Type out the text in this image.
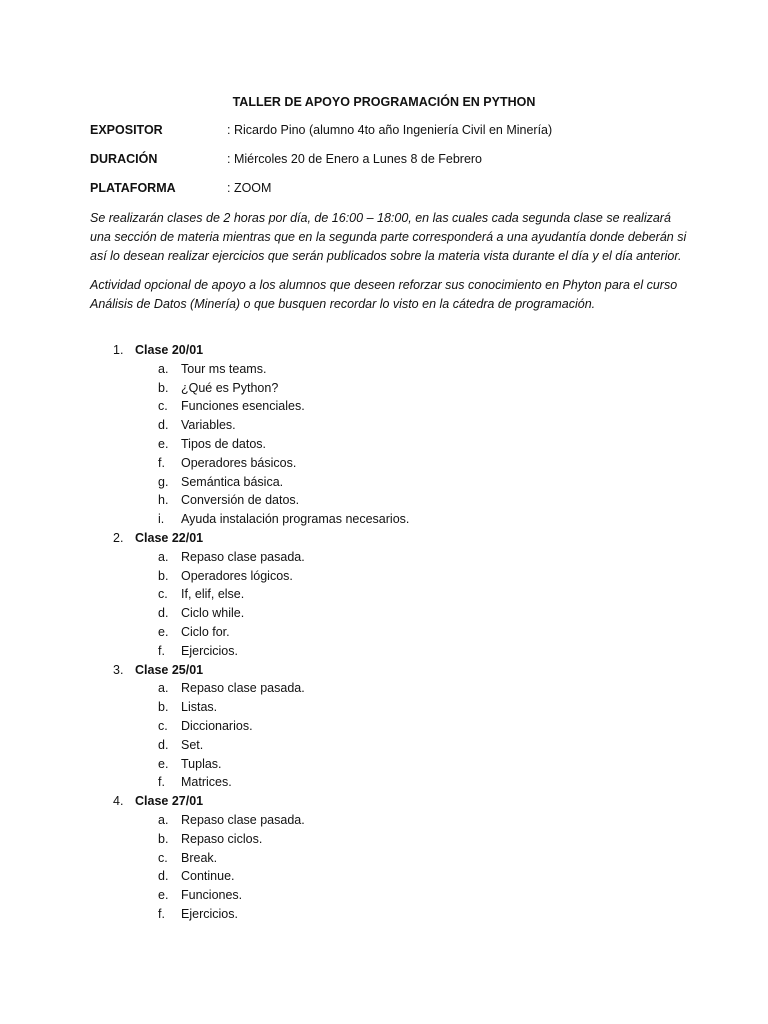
TALLER DE APOYO PROGRAMACIÓN EN PYTHON
EXPOSITOR	: Ricardo Pino (alumno 4to año Ingeniería Civil en Minería)
DURACIÓN	: Miércoles 20 de Enero a Lunes 8 de Febrero
PLATAFORMA	: ZOOM

Se realizarán clases de 2 horas por día, de 16:00 – 18:00, en las cuales cada segunda clase se realizará una sección de materia mientras que en la segunda parte corresponderá a una ayudantía donde deberán si así lo desean realizar ejercicios que serán publicados sobre la materia vista durante el día y el día anterior.

Actividad opcional de apoyo a los alumnos que deseen reforzar sus conocimiento en Phyton para el curso Análisis de Datos (Minería) o que busquen recordar lo visto en la cátedra de programación.

1. Clase 20/01
a. Tour ms teams.
b. ¿Qué es Python?
c. Funciones esenciales.
d. Variables.
e. Tipos de datos.
f. Operadores básicos.
g. Semántica básica.
h. Conversión de datos.
i. Ayuda instalación programas necesarios.
2. Clase 22/01
a. Repaso clase pasada.
b. Operadores lógicos.
c. If, elif, else.
d. Ciclo while.
e. Ciclo for.
f. Ejercicios.
3. Clase 25/01
a. Repaso clase pasada.
b. Listas.
c. Diccionarios.
d. Set.
e. Tuplas.
f. Matrices.
4. Clase 27/01
a. Repaso clase pasada.
b. Repaso ciclos.
c. Break.
d. Continue.
e. Funciones.
f. Ejercicios.
